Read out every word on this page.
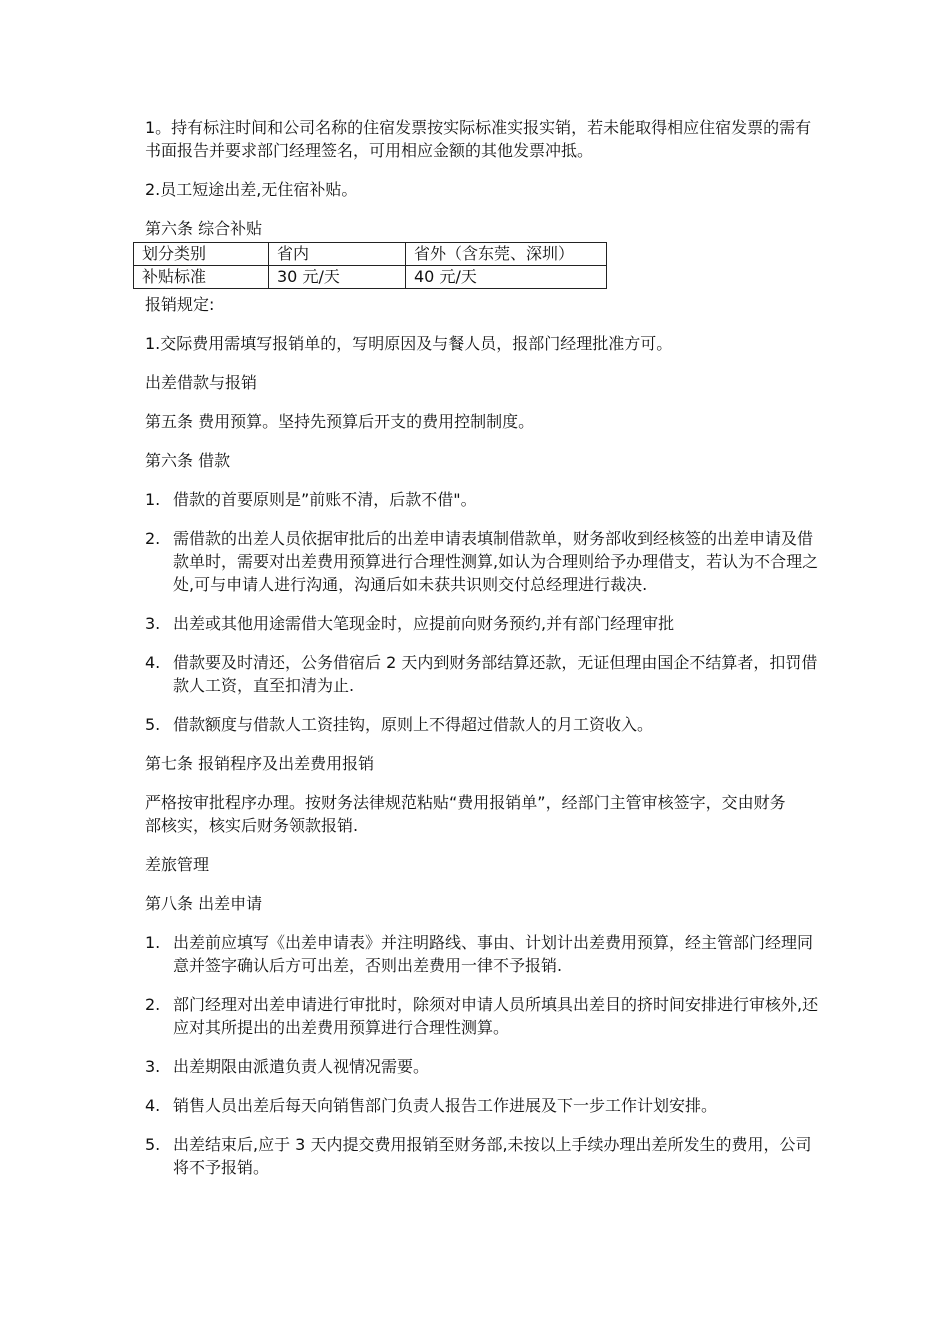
1。持有标注时间和公司名称的住宿发票按实际标准实报实销，若未能取得相应住宿发票的需有书面报告并要求部门经理签名，可用相应金额的其他发票冲抵。

2.员工短途出差,无住宿补贴。

第六条 综合补贴

划分类别	省内	省外（含东莞、深圳）
补贴标准	30 元/天	40 元/天

报销规定:

1.交际费用需填写报销单的，写明原因及与餐人员，报部门经理批准方可。

出差借款与报销

第五条 费用预算。坚持先预算后开支的费用控制制度。

第六条 借款

1. 借款的首要原则是”前账不清，后款不借"。
2. 需借款的出差人员依据审批后的出差申请表填制借款单，财务部收到经核签的出差申请及借款单时，需要对出差费用预算进行合理性测算,如认为合理则给予办理借支，若认为不合理之处,可与申请人进行沟通，沟通后如未获共识则交付总经理进行裁决.
3. 出差或其他用途需借大笔现金时，应提前向财务预约,并有部门经理审批
4. 借款要及时清还，公务借宿后 2 天内到财务部结算还款，无证但理由国企不结算者，扣罚借款人工资，直至扣清为止.
5. 借款额度与借款人工资挂钩，原则上不得超过借款人的月工资收入。

第七条 报销程序及出差费用报销

严格按审批程序办理。按财务法律规范粘贴“费用报销单”，经部门主管审核签字，交由财务部核实，核实后财务领款报销.

差旅管理

第八条 出差申请

1. 出差前应填写《出差申请表》并注明路线、事由、计划计出差费用预算，经主管部门经理同意并签字确认后方可出差，否则出差费用一律不予报销.
2. 部门经理对出差申请进行审批时，除须对申请人员所填具出差目的挤时间安排进行审核外,还应对其所提出的出差费用预算进行合理性测算。
3. 出差期限由派遣负责人视情况需要。
4. 销售人员出差后每天向销售部门负责人报告工作进展及下一步工作计划安排。
5. 出差结束后,应于 3 天内提交费用报销至财务部,未按以上手续办理出差所发生的费用，公司将不予报销。
